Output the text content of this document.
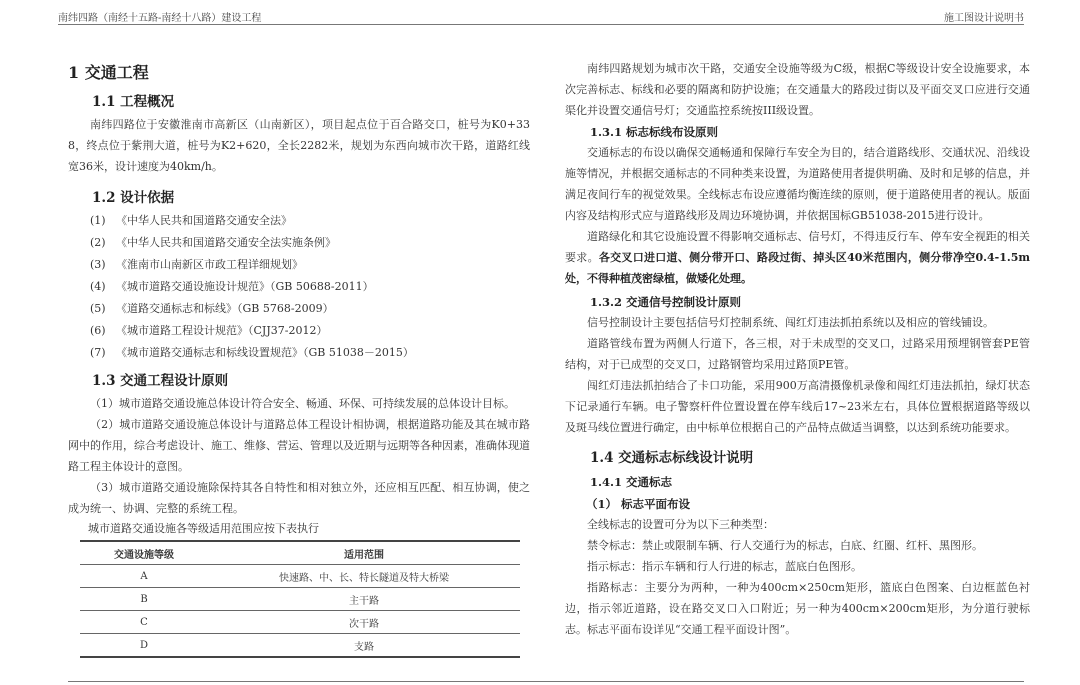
南纬四路（南经十五路-南经十八路）建设工程	施工图设计说明书
1 交通工程
1.1 工程概况
南纬四路位于安徽淮南市高新区（山南新区），项目起点位于百合路交口，桩号为K0+338，终点位于紫荆大道，桩号为K2+620，全长2282米，规划为东西向城市次干路，道路红线宽36米，设计速度为40km/h。
1.2 设计依据
(1) 《中华人民共和国道路交通安全法》
(2) 《中华人民共和国道路交通安全法实施条例》
(3) 《淮南市山南新区市政工程详细规划》
(4) 《城市道路交通设施设计规范》（GB 50688-2011）
(5) 《道路交通标志和标线》（GB 5768-2009）
(6) 《城市道路工程设计规范》（CJJ37-2012）
(7) 《城市道路交通标志和标线设置规范》（GB 51038－2015）
1.3 交通工程设计原则
（1）城市道路交通设施总体设计符合安全、畅通、环保、可持续发展的总体设计目标。
（2）城市道路交通设施总体设计与道路总体工程设计相协调，根据道路功能及其在城市路网中的作用，综合考虑设计、施工、维修、营运、管理以及近期与远期等各种因素，准确体现道路工程主体设计的意图。
（3）城市道路交通设施除保持其各自特性和相对独立外，还应相互匹配、相互协调，使之成为统一、协调、完整的系统工程。
城市道路交通设施各等级适用范围应按下表执行
交通设施等级	适用范围
A	快速路、中、长、特长隧道及特大桥梁
B	主干路
C	次干路
D	支路
南纬四路规划为城市次干路，交通安全设施等级为C级，根据C等级设计安全设施要求，本次完善标志、标线和必要的隔离和防护设施；在交通量大的路段过街以及平面交叉口应进行交通渠化并设置交通信号灯；交通监控系统按III级设置。
1.3.1 标志标线布设原则
交通标志的布设以确保交通畅通和保障行车安全为目的，结合道路线形、交通状况、沿线设施等情况，并根据交通标志的不同种类来设置，为道路使用者提供明确、及时和足够的信息，并满足夜间行车的视觉效果。全线标志布设应遵循均衡连续的原则，便于道路使用者的视认。版面内容及结构形式应与道路线形及周边环境协调，并依据国标GB51038-2015进行设计。
道路绿化和其它设施设置不得影响交通标志、信号灯，不得违反行车、停车安全视距的相关要求。各交叉口进口道、侧分带开口、路段过街、掉头区40米范围内，侧分带净空0.4-1.5m处，不得种植茂密绿植，做矮化处理。
1.3.2 交通信号控制设计原则
信号控制设计主要包括信号灯控制系统、闯红灯违法抓拍系统以及相应的管线铺设。
道路管线布置为两侧人行道下，各三根，对于未成型的交叉口，过路采用预埋钢管套PE管结构，对于已成型的交叉口，过路钢管均采用过路顶PE管。
闯红灯违法抓拍结合了卡口功能，采用900万高清摄像机录像和闯红灯违法抓拍，绿灯状态下记录通行车辆。电子警察杆件位置设置在停车线后17~23米左右，具体位置根据道路等级以及斑马线位置进行确定，由中标单位根据自己的产品特点做适当调整，以达到系统功能要求。
1.4 交通标志标线设计说明
1.4.1 交通标志
（1） 标志平面布设
全线标志的设置可分为以下三种类型：
禁令标志：禁止或限制车辆、行人交通行为的标志，白底、红圈、红杆、黑图形。
指示标志：指示车辆和行人行进的标志，蓝底白色图形。
指路标志：主要分为两种，一种为400cm×250cm矩形，篮底白色图案、白边框蓝色衬边，指示邻近道路，设在路交叉口入口附近；另一种为400cm×200cm矩形，为分道行驶标志。 标志平面布设详见“交通工程平面设计图”。
